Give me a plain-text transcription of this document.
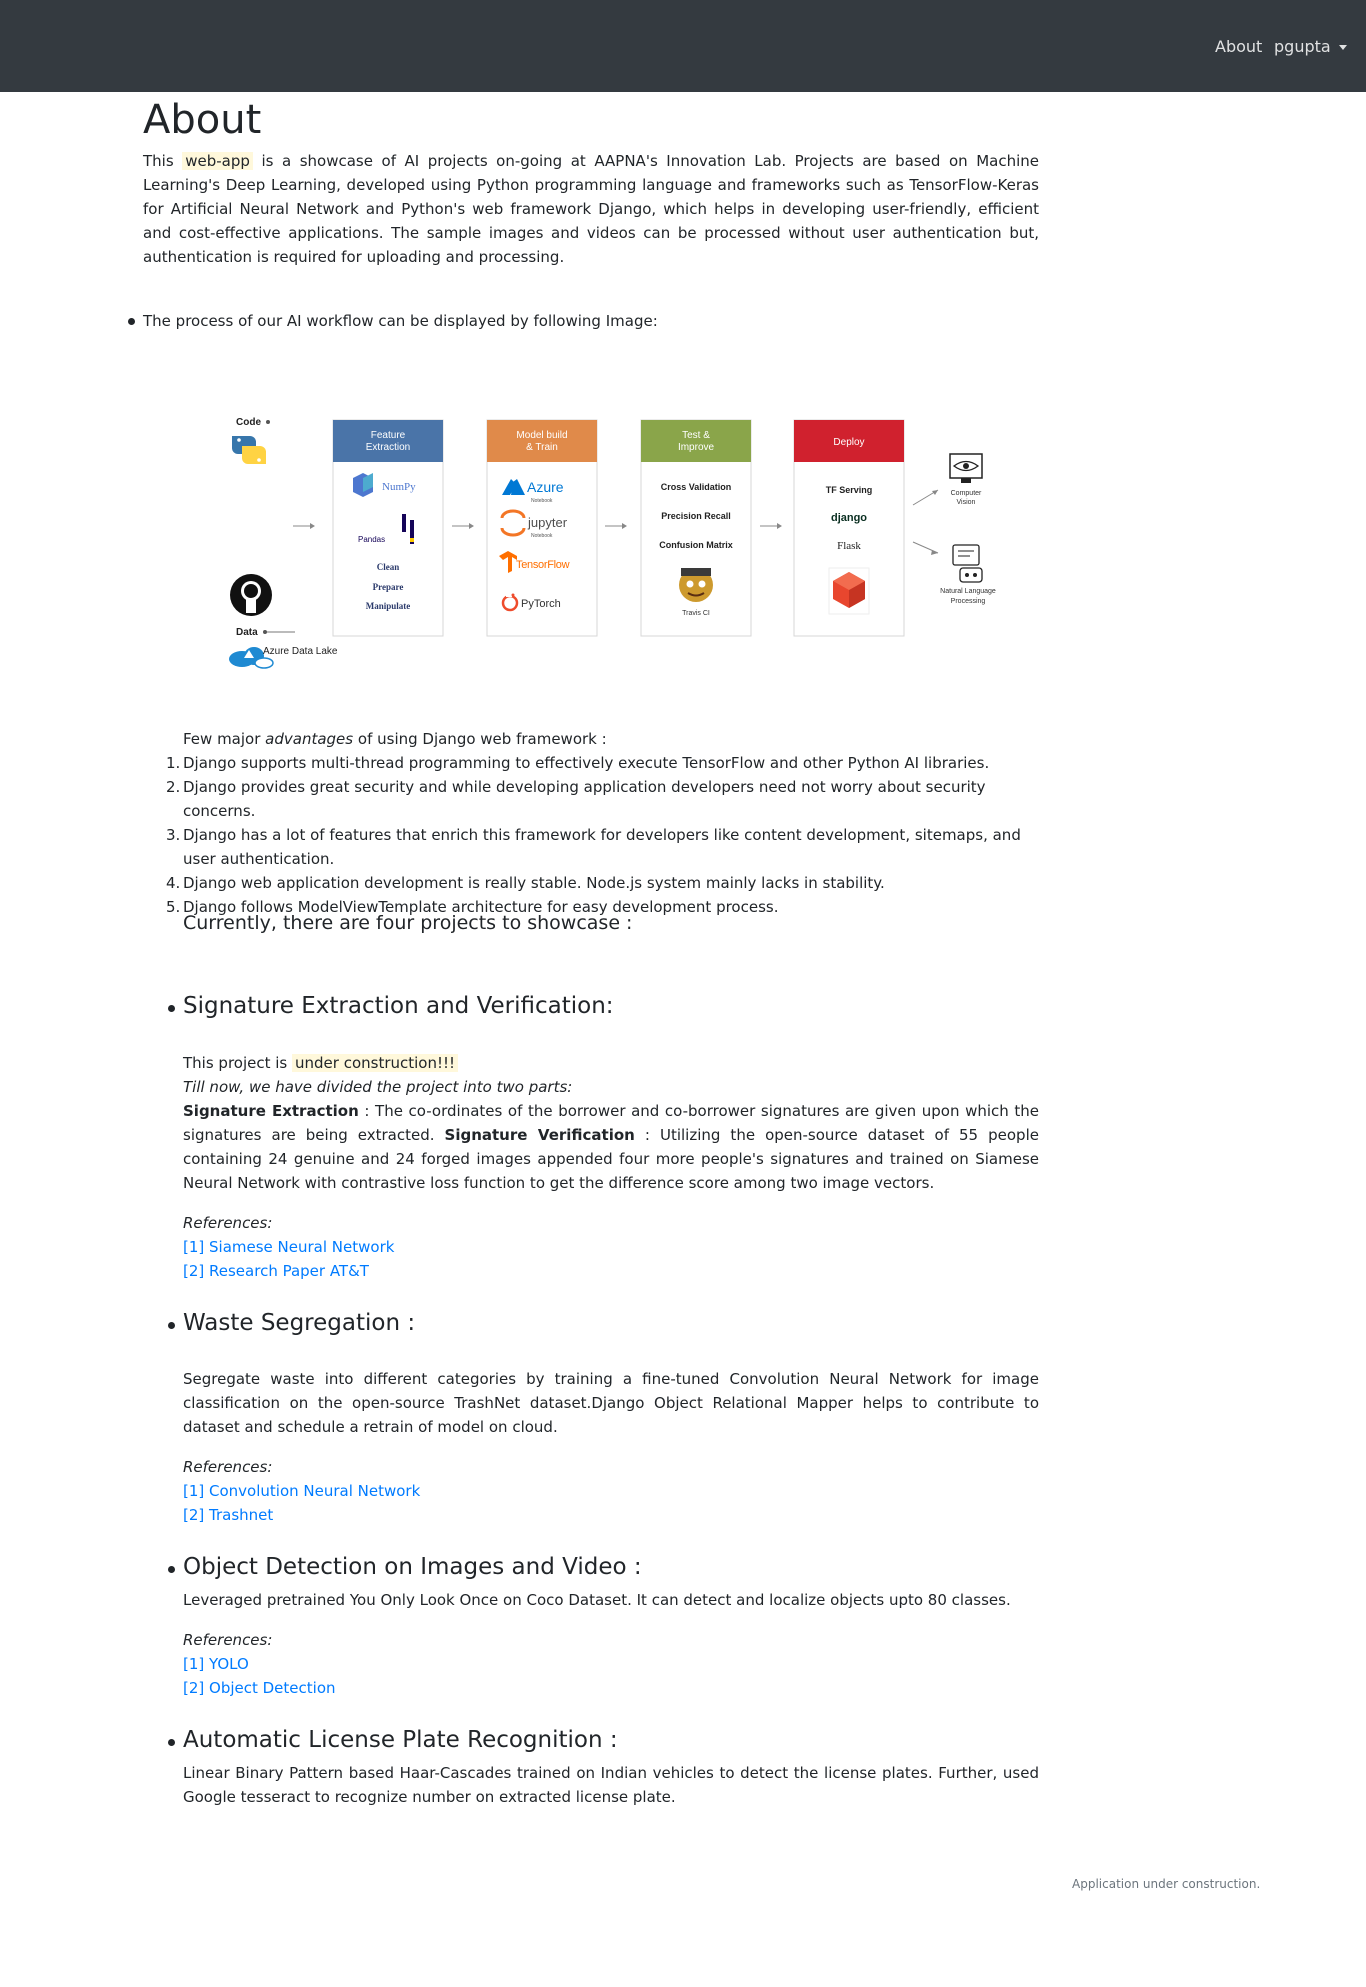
About pgupta
About

This web-app is a showcase of AI projects on-going at AAPNA's Innovation Lab. Projects are based on Machine Learning's Deep Learning, developed using Python programming language and frameworks such as TensorFlow-Keras for Artificial Neural Network and Python's web framework Django, which helps in developing user-friendly, efficient and cost-effective applications. The sample images and videos can be processed without user authentication but, authentication is required for uploading and processing.

The process of our AI workflow can be displayed by following Image:

Code
Data
Azure Data Lake
Feature
Extraction
NumPy
Pandas
Clean
Prepare
Manipulate
Model build
& Train
Azure
Notebook
jupyter
Notebook
TensorFlow
PyTorch
Test &
Improve
Cross Validation
Precision Recall
Confusion Matrix
Travis CI
Deploy
TF Serving
django
Flask
Computer
Vision
Natural Language
Processing

Few major advantages of using Django web framework :

1. Django supports multi-thread programming to effectively execute TensorFlow and other Python AI libraries.
2. Django provides great security and while developing application developers need not worry about security concerns.
3. Django has a lot of features that enrich this framework for developers like content development, sitemaps, and user authentication.
4. Django web application development is really stable. Node.js system mainly lacks in stability.
5. Django follows ModelViewTemplate architecture for easy development process.

Currently, there are four projects to showcase :

Signature Extraction and Verification:

This project is under construction!!!

Till now, we have divided the project into two parts:

Signature Extraction : The co-ordinates of the borrower and co-borrower signatures are given upon which the signatures are being extracted. Signature Verification : Utilizing the open-source dataset of 55 people containing 24 genuine and 24 forged images appended four more people's signatures and trained on Siamese Neural Network with contrastive loss function to get the difference score among two image vectors.

References:

[1] Siamese Neural Network
[2] Research Paper AT&T
Waste Segregation :

Segregate waste into different categories by training a fine-tuned Convolution Neural Network for image classification on the open-source TrashNet dataset.Django Object Relational Mapper helps to contribute to dataset and schedule a retrain of model on cloud.

References:

[1] Convolution Neural Network
[2] Trashnet
Object Detection on Images and Video :

Leveraged pretrained You Only Look Once on Coco Dataset. It can detect and localize objects upto 80 classes.

References:

[1] YOLO
[2] Object Detection
Automatic License Plate Recognition :

Linear Binary Pattern based Haar-Cascades trained on Indian vehicles to detect the license plates. Further, used Google tesseract to recognize number on extracted license plate.

Application under construction.
